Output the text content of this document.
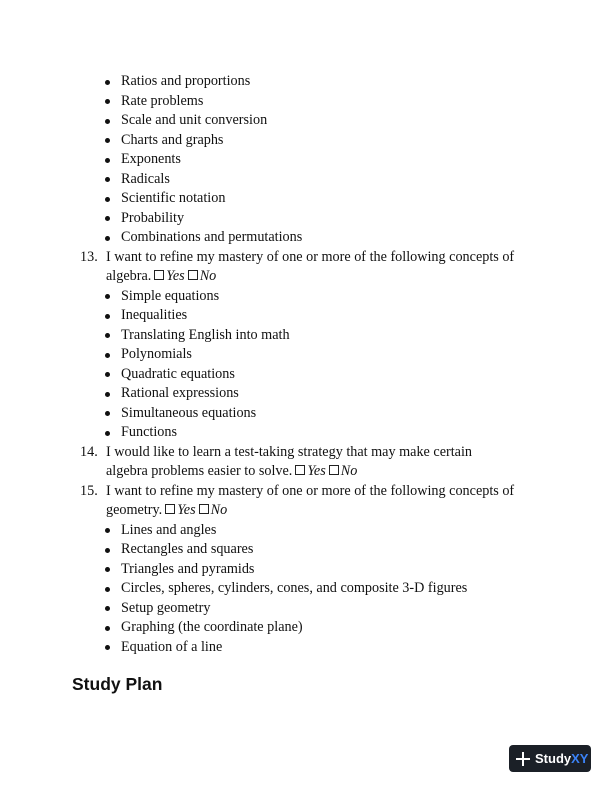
Ratios and proportions
Rate problems
Scale and unit conversion
Charts and graphs
Exponents
Radicals
Scientific notation
Probability
Combinations and permutations
13. I want to refine my mastery of one or more of the following concepts of
algebra. Yes No
Simple equations
Inequalities
Translating English into math
Polynomials
Quadratic equations
Rational expressions
Simultaneous equations
Functions
14. I would like to learn a test-taking strategy that may make certain
algebra problems easier to solve. Yes No
15. I want to refine my mastery of one or more of the following concepts of
geometry. Yes No
Lines and angles
Rectangles and squares
Triangles and pyramids
Circles, spheres, cylinders, cones, and composite 3-D figures
Setup geometry
Graphing (the coordinate plane)
Equation of a line
Study Plan
Study XY
